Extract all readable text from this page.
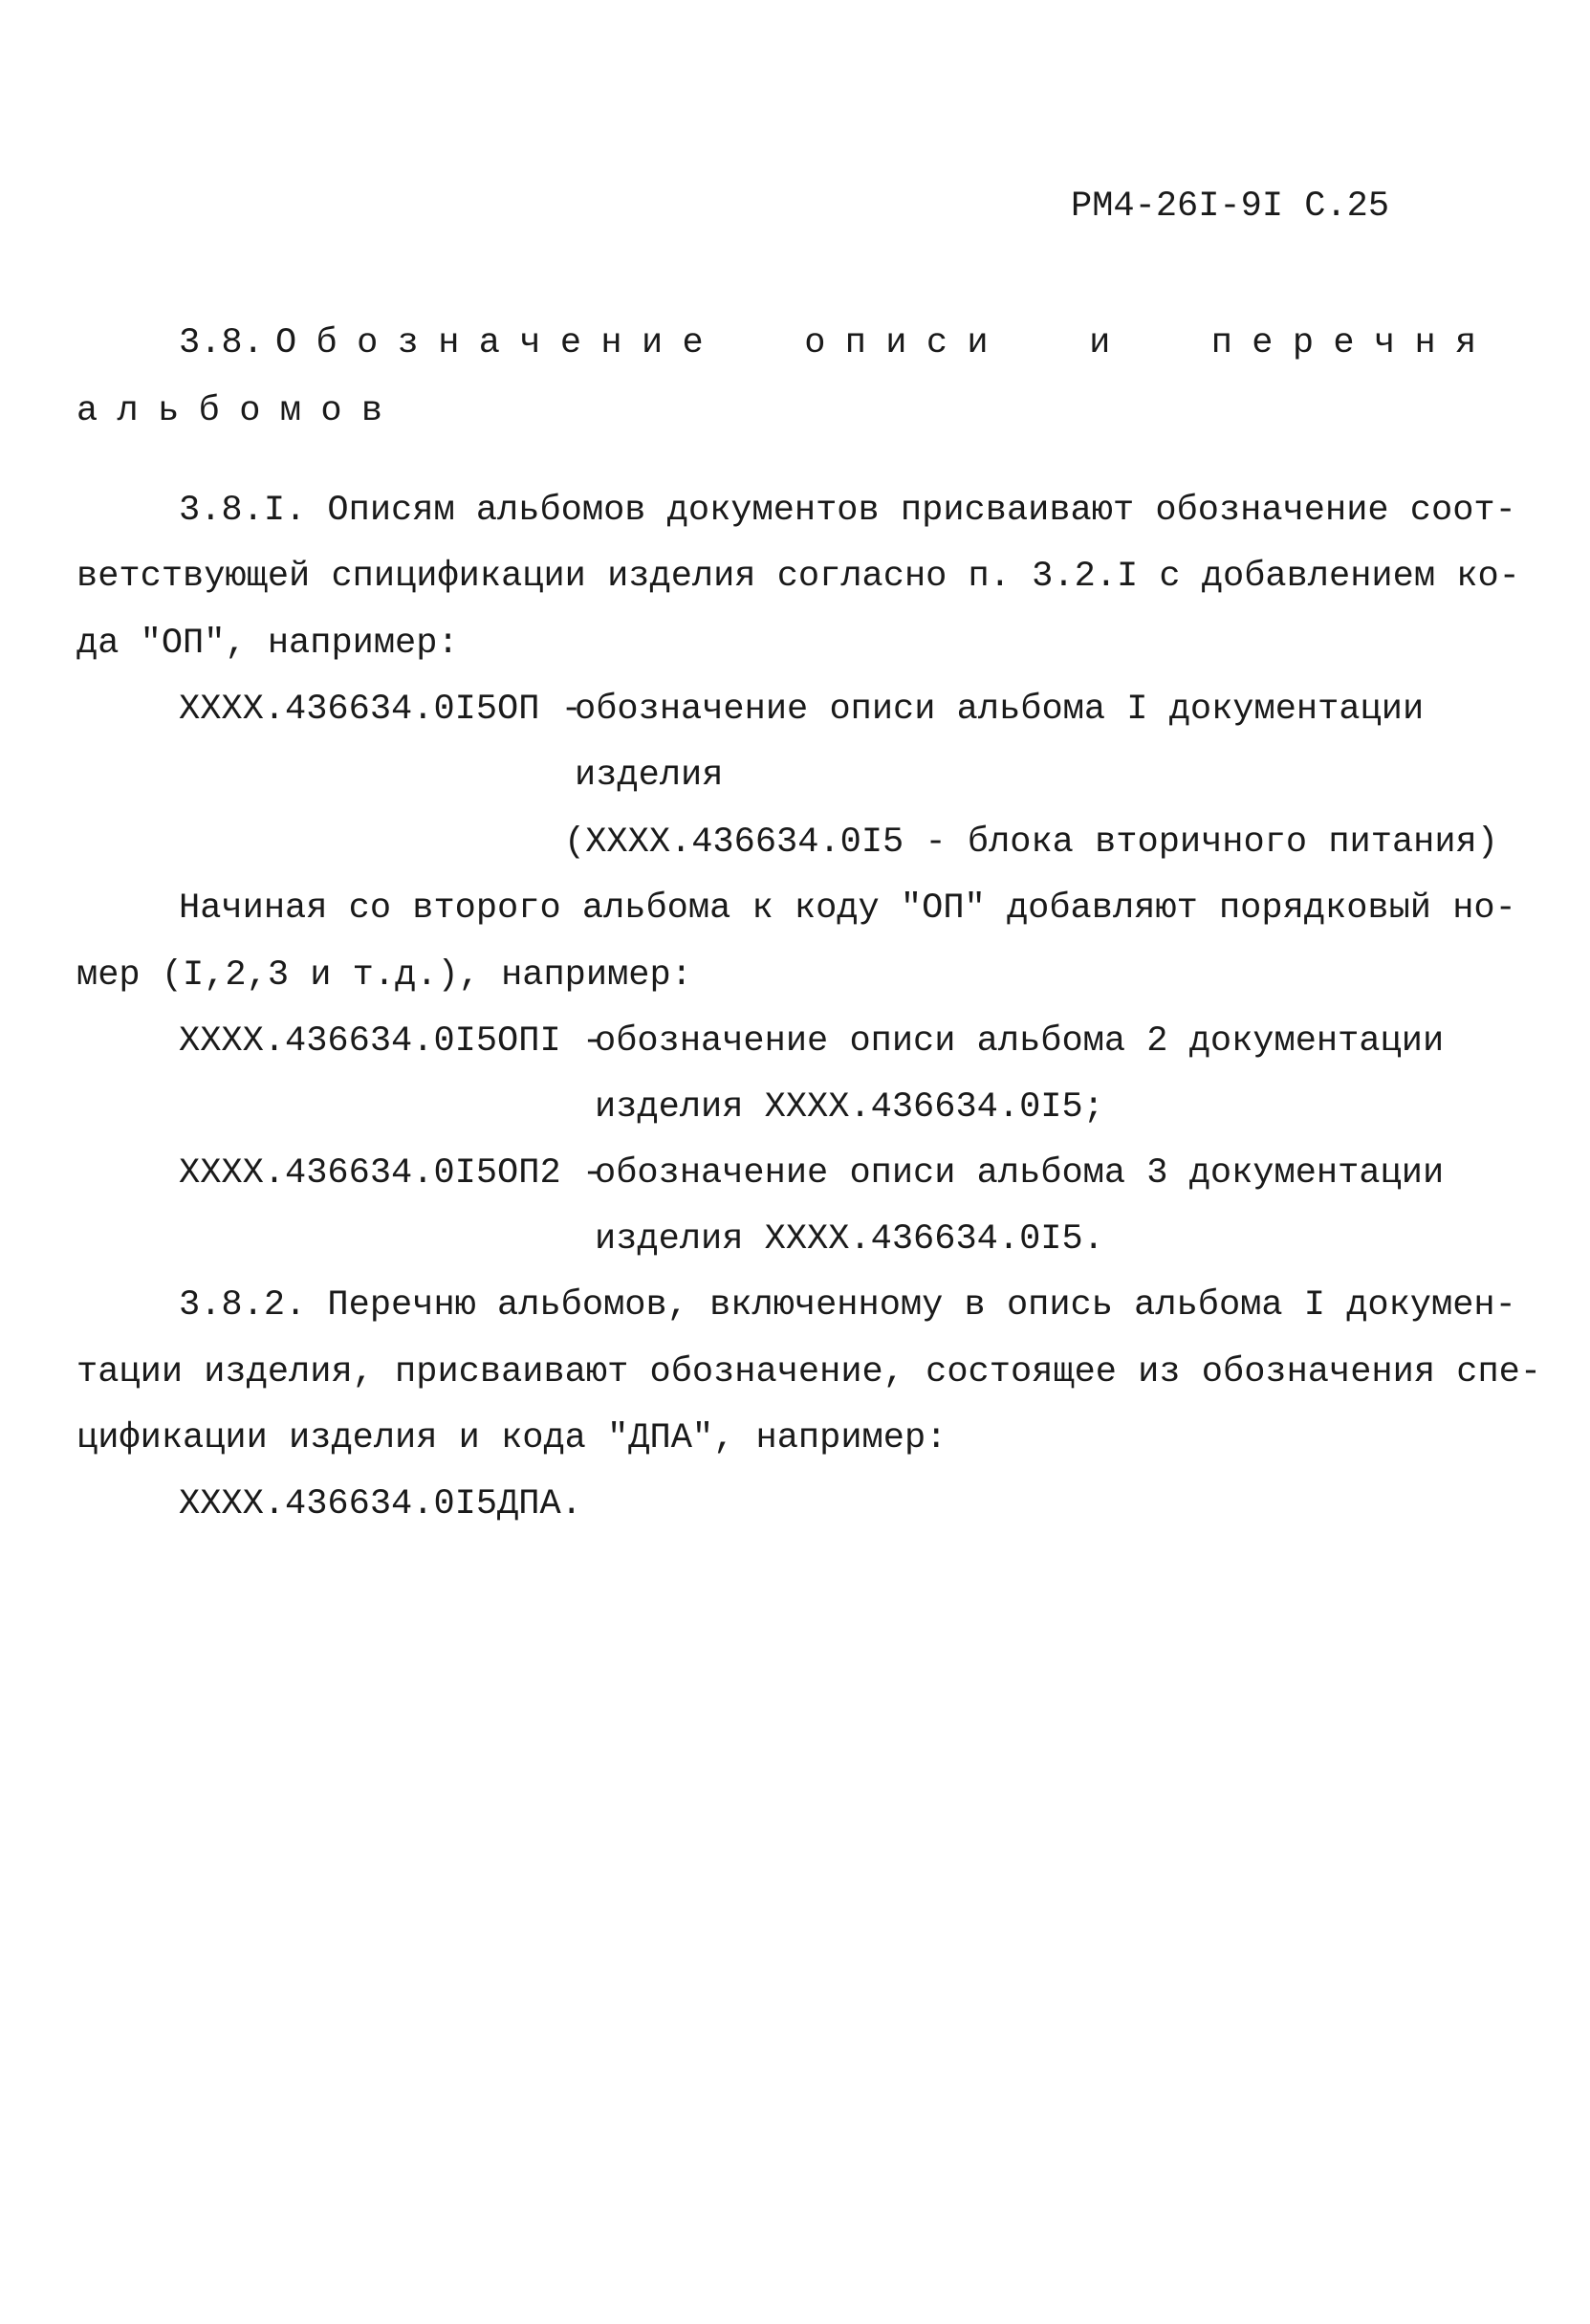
РМ4-26I-9I С.25
3.8. Обозначение  описи  и  перечня
альбомов
3.8.I. Описям альбомов документов присваивают обозначение соот-
ветствующей спицификации изделия согласно п. 3.2.I с добавлением ко-
да "ОП", например:
ХХХХ.436634.0I5ОП -
обозначение описи альбома I документации
изделия
(ХХХХ.436634.0I5 - блока вторичного питания)
Начиная со второго альбома к коду "ОП" добавляют порядковый но-
мер (I,2,3 и т.д.), например:
ХХХХ.436634.0I5ОПI -
обозначение описи альбома 2 документации
изделия ХХХХ.436634.0I5;
ХХХХ.436634.0I5ОП2 -
обозначение описи альбома 3 документации
изделия ХХХХ.436634.0I5.
3.8.2. Перечню альбомов, включенному в опись альбома I докумен-
тации изделия, присваивают обозначение, состоящее из обозначения спе-
цификации изделия и кода "ДПА", например:
ХХХХ.436634.0I5ДПА.
